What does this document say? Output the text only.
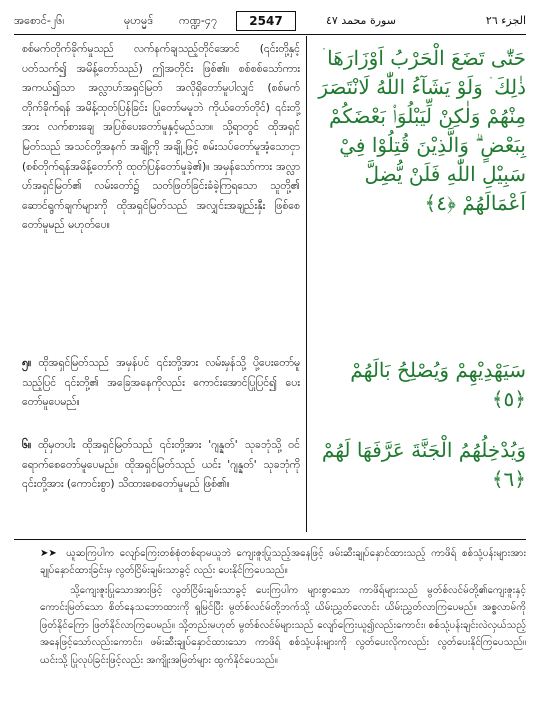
အစောင်-၂၆၊	မုဟမ္မဒ် ကဏ္ဍ-၄၇	2547	سورة محمد ٤٧	الجزء ٢٦
စစ်မက်တိုက်ခိုက်မှုသည် လက်နက်ချသည့်တိုင်အောင် (၎င်းတို့နှင့်ပတ်သက်၍ အမိန့်တော်သည်) ဤအတိုင်း ဖြစ်၏။ စစ်စစ်သော်ကား အကယ်၍သာ အလ္လာဟ်အရှင်မြတ် အလိုရှိတော်မူပါလျှင် (စစ်မက်တိုက်ခိုက်ရန် အမိန့်ထုတ်ပြန်ခြင်း ပြုတော်မမူဘဲ ကိုယ်တော်တိုင်) ၎င်းတို့အား လက်စားချေ အပြစ်ပေးတော်မူနှင့်မည်သာ။ သို့ရာတွင် ထိုအရှင်မြတ်သည် အသင်တို့အနက် အချို့ကို အချို့ဖြင့် စမ်းသပ်တော်မူအံ့သောငှာ (စစ်တိုက်ရန်အမိန့်တော်ကို ထုတ်ပြန်တော်မူခဲ့၏)။ အမှန်သော်ကား အလ္လာဟ်အရှင်မြတ်၏ လမ်းတော်၌ သတ်ဖြတ်ခြင်းခံခဲ့ကြရသော သူတို့၏ ဆောင်ရွက်ချက်များကို ထိုအရှင်မြတ်သည် အလျှင်းအချည်းနှီး ဖြစ်စေတော်မူမည် မဟုတ်ပေ။
حَتّٰى تَضَعَ الْحَرْبُ اَوْزَارَهَا ۛ ذٰلِكَ ۛ وَلَوْ يَشَآءُ اللّٰهُ لَانْتَصَرَ مِنْهُمْ وَلٰكِنْ لِّيَبْلُوَا۟ بَعْضَكُمْ بِبَعْضٍ ۗ وَالَّذِيْنَ قُتِلُوْا فِيْ سَبِيْلِ اللّٰهِ فَلَنْ يُّضِلَّ اَعْمَالَهُمْ ﴿٤﴾
၅။ ထိုအရှင်မြတ်သည် အမှန်ပင် ၎င်းတို့အား လမ်းမှန်သို့ ပို့ပေးတော်မူသည့်ပြင် ၎င်းတို့၏ အခြေအနေကိုလည်း ကောင်းအောင်ပြုပြင်၍ ပေးတော်မူပေမည်။
سَيَهْدِيْهِمْ وَيُصْلِحُ بَالَهُمْ ﴿٥﴾
၆။ ထိုမှတပါး ထိုအရှင်မြတ်သည် ၎င်းတို့အား 'ဂျန္နတ်' သုခဘုံသို့ ဝင်ရောက်စေတော်မူပေမည်။ ထိုအရှင်မြတ်သည် ယင်း 'ဂျန္နတ်' သုခဘုံကို ၎င်းတို့အား (ကောင်းစွာ) သိထားစေတော်မူမည် ဖြစ်၏။
وَيُدْخِلُهُمُ الْجَنَّةَ عَرَّفَهَا لَهُمْ ﴿٦﴾
➤➤ ယူဆကြပါက လျော်ကြေးတစ်စုံတစ်ရာမယူဘဲ ကျေးဇူးပြုသည့်အနေဖြင့် ဖမ်းဆီးချုပ်နှောင်ထားသည့် ကာဖိရ် စစ်သုံ့ပန်းများအား ချုပ်နှောင်ထားခြင်းမှ လွတ်ငြိမ်းချမ်းသာခွင့် လည်း ပေးနိုင်ကြပေသည်။
သို့ကျေးဇူးပြုသောအားဖြင့် လွတ်ငြိမ်းချမ်းသာခွင့် ပေးကြပါက များစွာသော ကာဖိရ်များသည် မွတ်စ်လင်မ်တို့၏ကျေးဇူးနှင့် ကောင်းမြတ်သော စိတ်နေသဘောထားကို ရှုမြင်ပြီး မွတ်စ်လင်မ်တို့ဘက်သို့ ယိမ်းညွှတ်လောင်း ယိမ်းညွှတ်လာကြပေမည်။ အစ္စလာမ်ကို ဖြတ်နိုင်ကြော ဖြတ်နိုင်လာကြပေမည်။ သို့တည်းမဟုတ် မွတ်စ်လင်မ်များသည် လျော်ကြေးယူ၍လည်းကောင်း၊ စစ်သုံ့ပန်းချင်းလဲလှယ်သည့် အနေဖြင့်သော်လည်းကောင်း၊ ဖမ်းဆီးချုပ်နှောင်ထားသော ကာဖိရ် စစ်သုံ့ပန်းများကို လွတ်ပေးလိုကလည်း လွတ်ပေးနိုင်ကြပေသည်။ ယင်းသို့ ပြုလုပ်ခြင်းဖြင့်လည်း အကျိုးအမြတ်များ ထွက်နိုင်ပေသည်။
